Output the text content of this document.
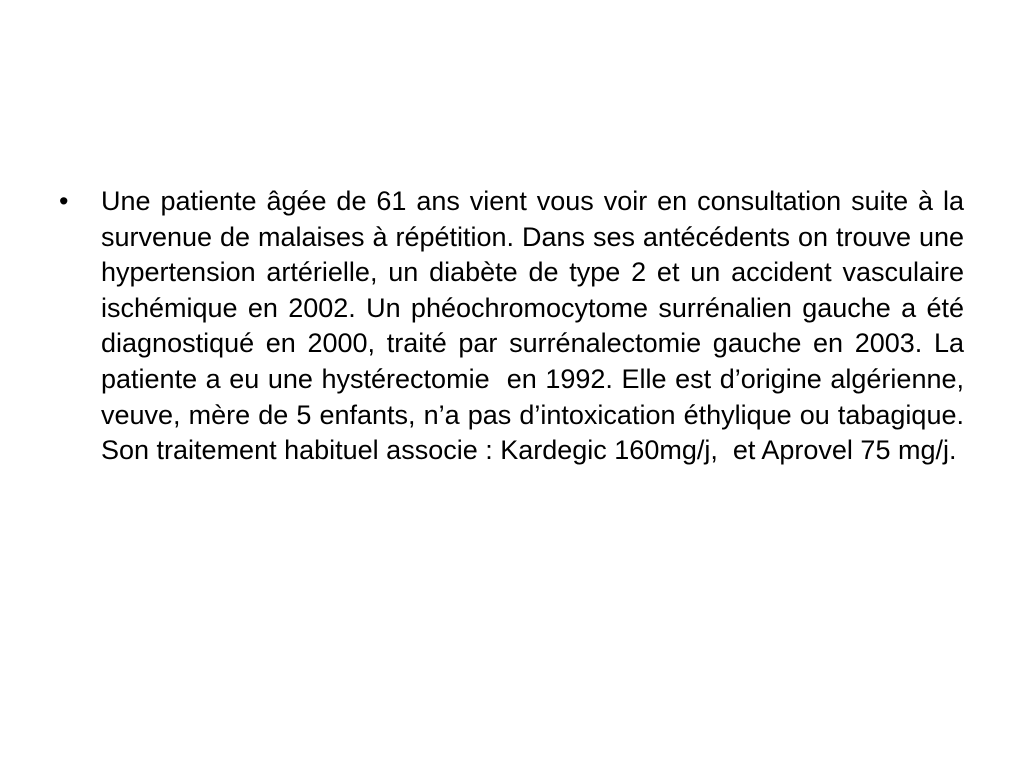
• Une patiente âgée de 61 ans vient vous voir en consultation suite à la survenue de malaises à répétition. Dans ses antécédents on trouve une hypertension artérielle, un diabète de type 2 et un accident vasculaire ischémique en 2002. Un phéochromocytome surrénalien gauche a été diagnostiqué en 2000, traité par surrénalectomie gauche en 2003. La patiente a eu une hystérectomie  en 1992. Elle est d’origine algérienne, veuve, mère de 5 enfants, n’a pas d’intoxication éthylique ou tabagique. Son traitement habituel associe : Kardegic 160mg/j,  et Aprovel 75 mg/j.
